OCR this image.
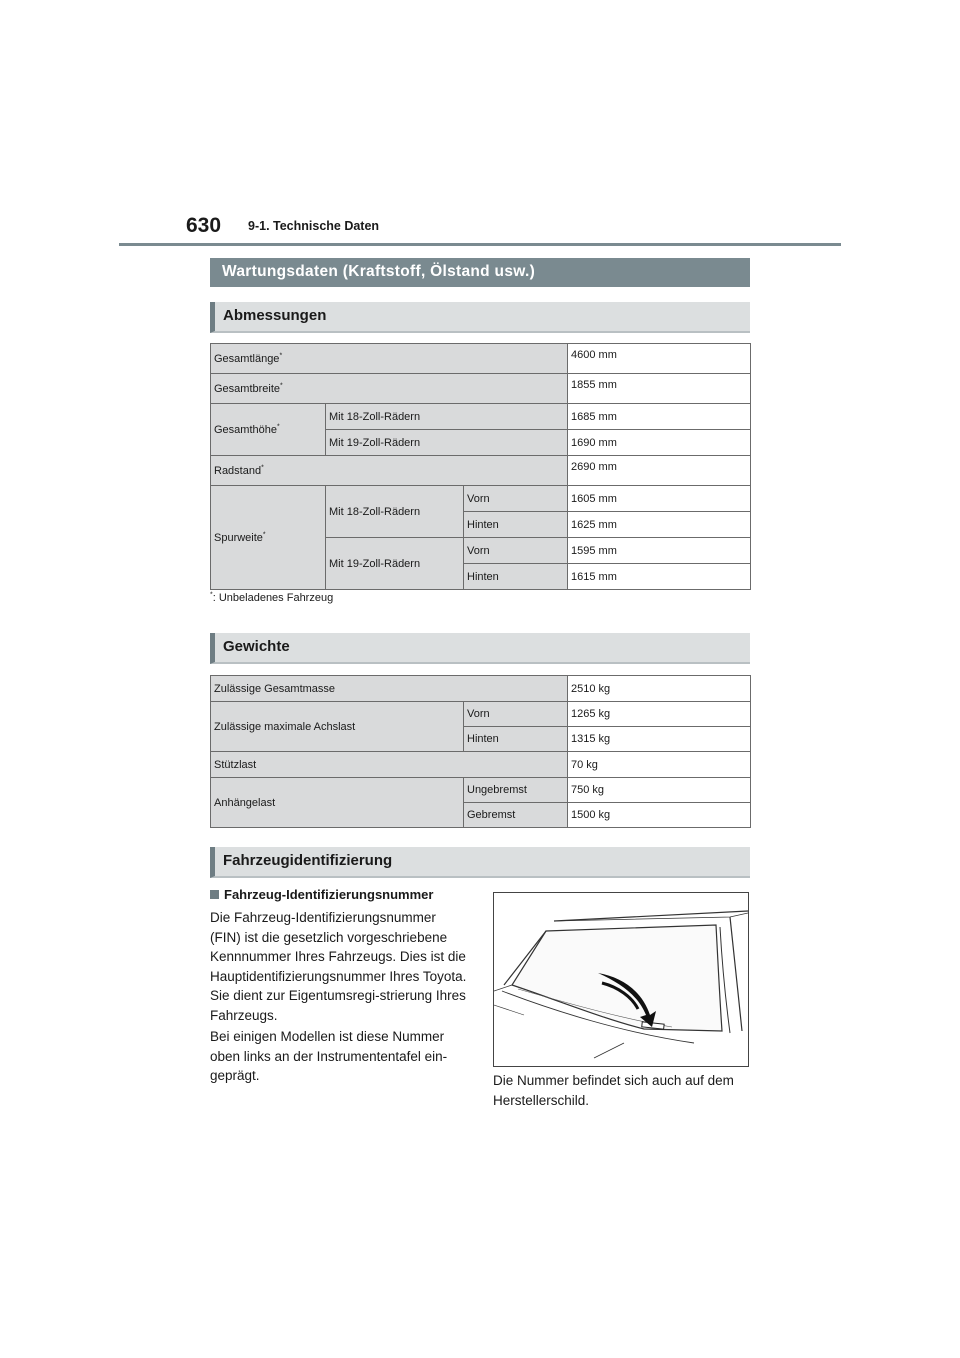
630 9-1. Technische Daten
Wartungsdaten (Kraftstoff, Ölstand usw.)
Abmessungen
Gesamtlänge*			4600 mm
Gesamtbreite*			1855 mm
Gesamthöhe*	Mit 18-Zoll-Rädern		1685 mm
	Mit 19-Zoll-Rädern		1690 mm
Radstand*			2690 mm
Spurweite*	Mit 18-Zoll-Rädern	Vorn	1605 mm
		Hinten	1625 mm
	Mit 19-Zoll-Rädern	Vorn	1595 mm
		Hinten	1615 mm
*: Unbeladenes Fahrzeug
Gewichte
Zulässige Gesamtmasse		2510 kg
Zulässige maximale Achslast	Vorn	1265 kg
	Hinten	1315 kg
Stützlast		70 kg
Anhängelast	Ungebremst	750 kg
	Gebremst	1500 kg
Fahrzeugidentifizierung
Fahrzeug-Identifizierungsnummer

Die Fahrzeug-Identifizierungsnummer (FIN) ist die gesetzlich vorgeschriebene Kennnummer Ihres Fahrzeugs. Dies ist die Hauptidentifizierungsnummer Ihres Toyota. Sie dient zur Eigentumsregi-strierung Ihres Fahrzeugs.

Bei einigen Modellen ist diese Nummer oben links an der Instrumententafel ein-geprägt.	Die Nummer befindet sich auch auf dem Herstellerschild.
